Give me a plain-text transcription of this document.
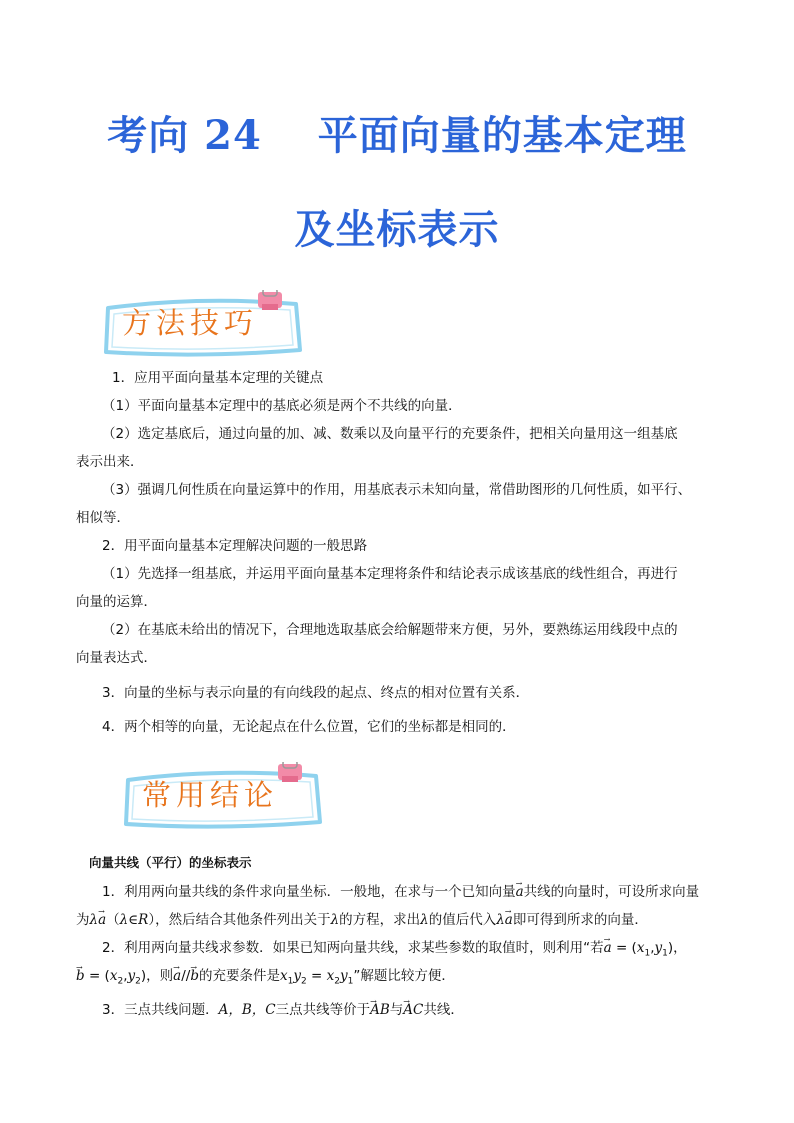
考向 24 平面向量的基本定理
及坐标表示
方法技巧
1．应用平面向量基本定理的关键点
（1）平面向量基本定理中的基底必须是两个不共线的向量．
（2）选定基底后，通过向量的加、减、数乘以及向量平行的充要条件，把相关向量用这一组基底
表示出来．
（3）强调几何性质在向量运算中的作用，用基底表示未知向量，常借助图形的几何性质，如平行、
相似等．
2．用平面向量基本定理解决问题的一般思路
（1）先选择一组基底，并运用平面向量基本定理将条件和结论表示成该基底的线性组合，再进行
向量的运算．
（2）在基底未给出的情况下，合理地选取基底会给解题带来方便，另外，要熟练运用线段中点的
向量表达式．
3．向量的坐标与表示向量的有向线段的起点、终点的相对位置有关系．
4．两个相等的向量，无论起点在什么位置，它们的坐标都是相同的．
常用结论
向量共线（平行）的坐标表示
1．利用两向量共线的条件求向量坐标．一般地，在求与一个已知向量→ a共线的向量时，可设所求向量
为λ→ a（λ∈R），然后结合其他条件列出关于λ的方程，求出λ的值后代入λ→ a即可得到所求的向量．
2．利用两向量共线求参数．如果已知两向量共线，求某些参数的取值时，则利用“若→ $a = (x_1,y_1)$，
→ $b = (x_2,y_2)$，则→ a//→ b的充要条件是$x_1y_2 = x_2y_1$”解题比较方便．
3．三点共线问题．A，B，C三点共线等价于→ AB与→ AC共线．
